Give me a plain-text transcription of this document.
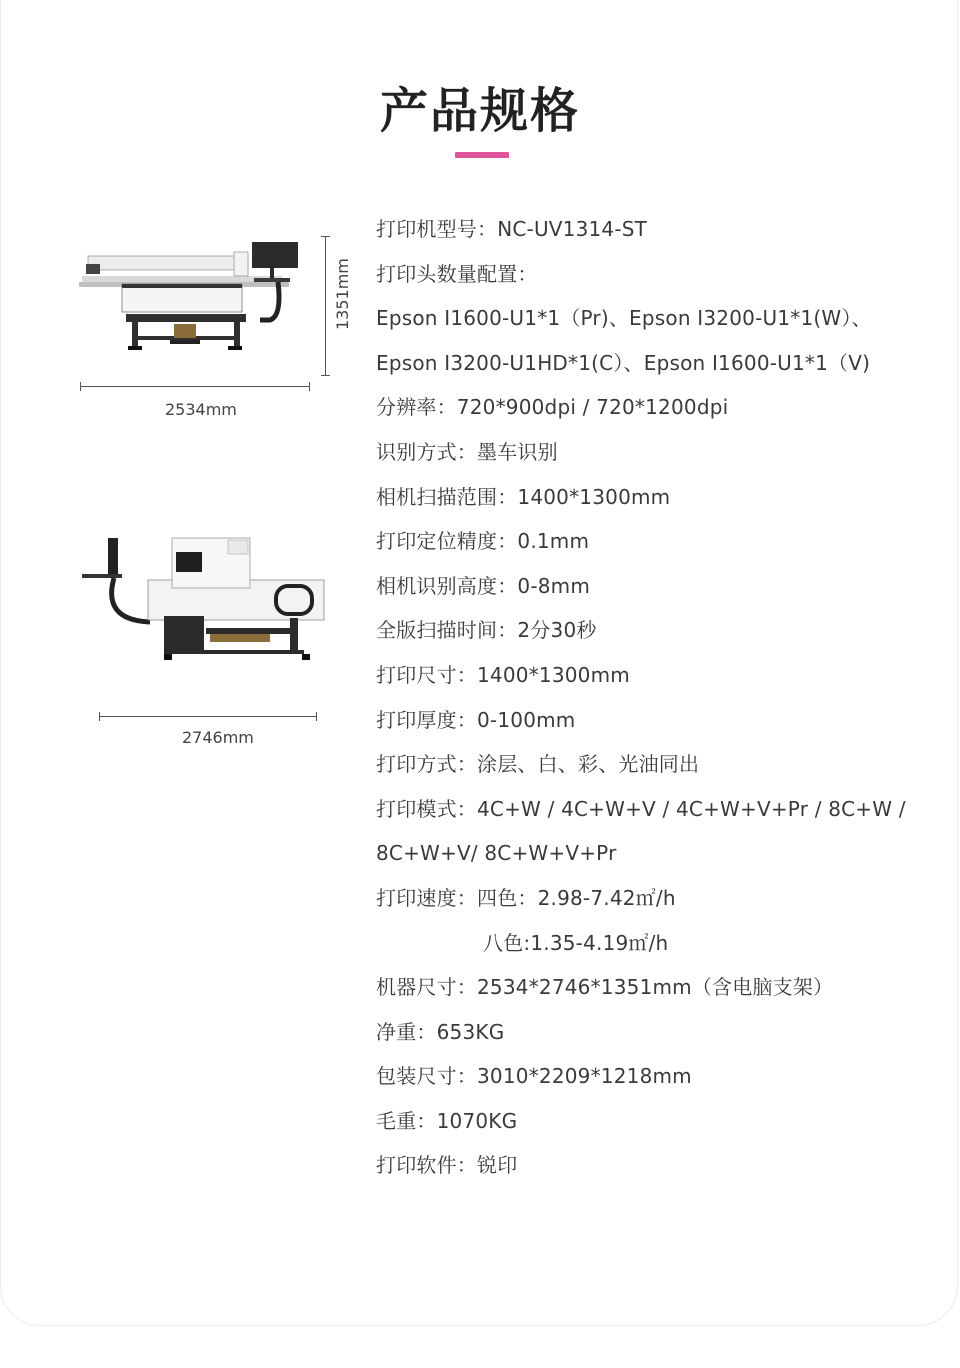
产品规格
1351mm
2534mm
2746mm
打印机型号：NC-UV1314-ST
打印头数量配置：
Epson I1600-U1*1（Pr)、Epson I3200-U1*1(W）、
Epson I3200-U1HD*1(C）、Epson I1600-U1*1（V)
分辨率：720*900dpi / 720*1200dpi
识别方式：墨车识别
相机扫描范围：1400*1300mm
打印定位精度：0.1mm
相机识别高度：0-8mm
全版扫描时间：2分30秒
打印尺寸：1400*1300mm
打印厚度：0-100mm
打印方式：涂层、白、彩、光油同出
打印模式：4C+W / 4C+W+V / 4C+W+V+Pr / 8C+W /
8C+W+V/ 8C+W+V+Pr
打印速度：四色：2.98-7.42㎡/h
八色:1.35-4.19㎡/h
机器尺寸：2534*2746*1351mm（含电脑支架）
净重：653KG
包装尺寸：3010*2209*1218mm
毛重：1070KG
打印软件：锐印
